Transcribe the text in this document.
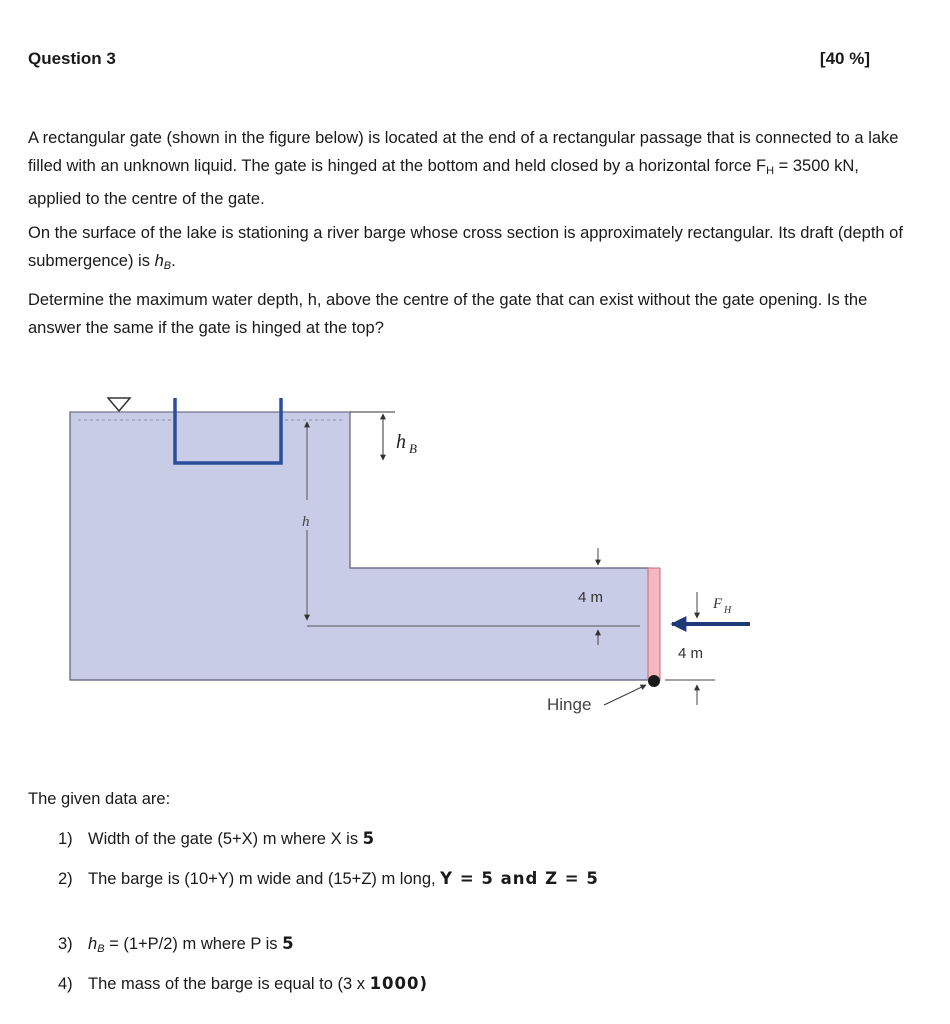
Question 3	[40 %]
A rectangular gate (shown in the figure below) is located at the end of a rectangular passage that is connected to a lake filled with an unknown liquid. The gate is hinged at the bottom and held closed by a horizontal force $F_H = 3500$ kN, applied to the centre of the gate.
On the surface of the lake is stationing a river barge whose cross section is approximately rectangular. Its draft (depth of submergence) is $h_B$.
Determine the maximum water depth, h, above the centre of the gate that can exist without the gate opening. Is the answer the same if the gate is hinged at the top?
h B
h
4 m
Hinge
F H
4 m
The given data are:
1) Width of the gate (5+X) m where X is 5
2) The barge is (10+Y) m wide and (15+Z) m long, Y = 5 and Z = 5
3) $h_B = (1+P/2)$ m where P is 5
4) The mass of the barge is equal to (3 x 1000)
